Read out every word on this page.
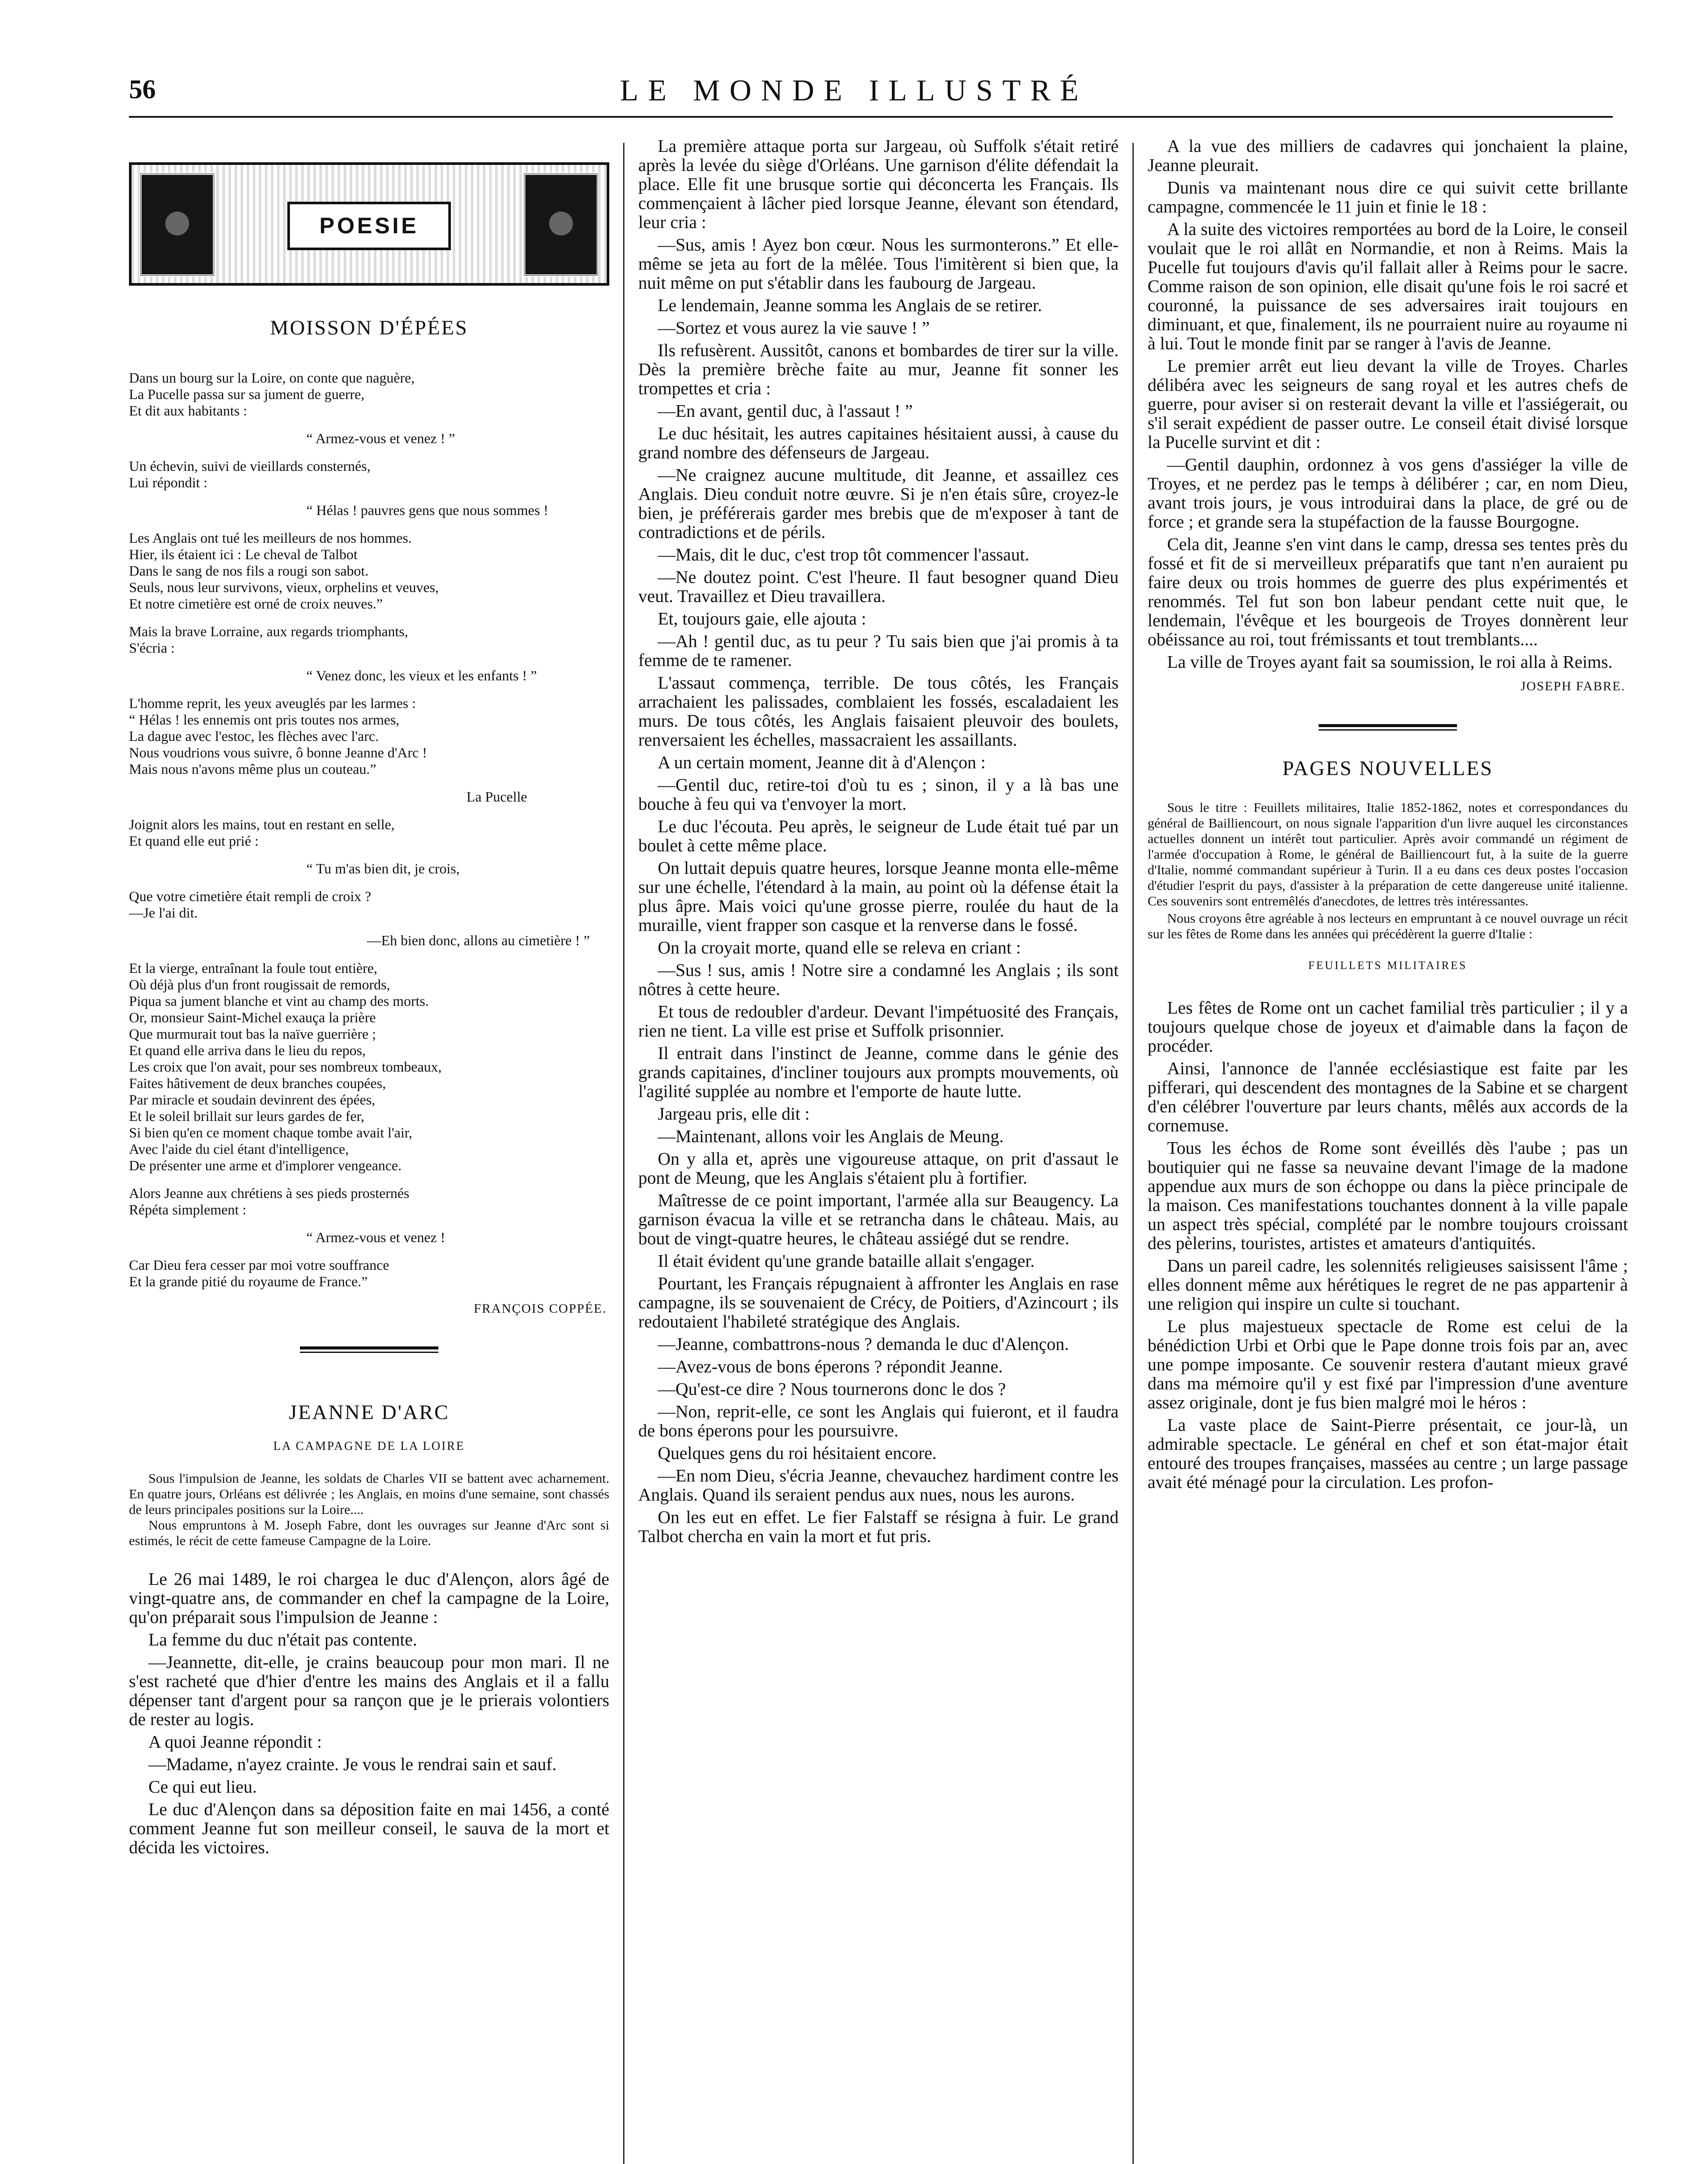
56	LE MONDE ILLUSTRÉ
POESIE
MOISSON D'ÉPÉES

Dans un bourg sur la Loire, on conte que naguère,
La Pucelle passa sur sa jument de guerre,
Et dit aux habitants :

“ Armez-vous et venez ! ”

Un échevin, suivi de vieillards consternés,
Lui répondit :

“ Hélas ! pauvres gens que nous sommes !

Les Anglais ont tué les meilleurs de nos hommes.
Hier, ils étaient ici : Le cheval de Talbot
Dans le sang de nos fils a rougi son sabot.
Seuls, nous leur survivons, vieux, orphelins et veuves,
Et notre cimetière est orné de croix neuves.”

Mais la brave Lorraine, aux regards triomphants,
S'écria :

“ Venez donc, les vieux et les enfants ! ”

L'homme reprit, les yeux aveuglés par les larmes :
“ Hélas ! les ennemis ont pris toutes nos armes,
La dague avec l'estoc, les flèches avec l'arc.
Nous voudrions vous suivre, ô bonne Jeanne d'Arc !
Mais nous n'avons même plus un couteau.”

La Pucelle

Joignit alors les mains, tout en restant en selle,
Et quand elle eut prié :

“ Tu m'as bien dit, je crois,

Que votre cimetière était rempli de croix ?
—Je l'ai dit.

—Eh bien donc, allons au cimetière ! ”

Et la vierge, entraînant la foule tout entière,
Où déjà plus d'un front rougissait de remords,
Piqua sa jument blanche et vint au champ des morts.
Or, monsieur Saint-Michel exauça la prière
Que murmurait tout bas la naïve guerrière ;
Et quand elle arriva dans le lieu du repos,
Les croix que l'on avait, pour ses nombreux tombeaux,
Faites hâtivement de deux branches coupées,
Par miracle et soudain devinrent des épées,
Et le soleil brillait sur leurs gardes de fer,
Si bien qu'en ce moment chaque tombe avait l'air,
Avec l'aide du ciel étant d'intelligence,
De présenter une arme et d'implorer vengeance.

Alors Jeanne aux chrétiens à ses pieds prosternés
Répéta simplement :

“ Armez-vous et venez !

Car Dieu fera cesser par moi votre souffrance
Et la grande pitié du royaume de France.”

FRANÇOIS COPPÉE.
JEANNE D'ARC
LA CAMPAGNE DE LA LOIRE

Sous l'impulsion de Jeanne, les soldats de Charles VII se battent avec acharnement. En quatre jours, Orléans est délivrée ; les Anglais, en moins d'une semaine, sont chassés de leurs principales positions sur la Loire....

Nous empruntons à M. Joseph Fabre, dont les ouvrages sur Jeanne d'Arc sont si estimés, le récit de cette fameuse Campagne de la Loire.

Le 26 mai 1489, le roi chargea le duc d'Alençon, alors âgé de vingt-quatre ans, de commander en chef la campagne de la Loire, qu'on préparait sous l'impulsion de Jeanne :

La femme du duc n'était pas contente.

—Jeannette, dit-elle, je crains beaucoup pour mon mari. Il ne s'est racheté que d'hier d'entre les mains des Anglais et il a fallu dépenser tant d'argent pour sa rançon que je le prierais volontiers de rester au logis.

A quoi Jeanne répondit :

—Madame, n'ayez crainte. Je vous le rendrai sain et sauf.

Ce qui eut lieu.

Le duc d'Alençon dans sa déposition faite en mai 1456, a conté comment Jeanne fut son meilleur conseil, le sauva de la mort et décida les victoires.

La première attaque porta sur Jargeau, où Suffolk s'était retiré après la levée du siège d'Orléans. Une garnison d'élite défendait la place. Elle fit une brusque sortie qui déconcerta les Français. Ils commençaient à lâcher pied lorsque Jeanne, élevant son étendard, leur cria :

—Sus, amis ! Ayez bon cœur. Nous les surmonterons.” Et elle-même se jeta au fort de la mêlée. Tous l'imitèrent si bien que, la nuit même on put s'établir dans les faubourg de Jargeau.

Le lendemain, Jeanne somma les Anglais de se retirer.

—Sortez et vous aurez la vie sauve ! ”

Ils refusèrent. Aussitôt, canons et bombardes de tirer sur la ville. Dès la première brèche faite au mur, Jeanne fit sonner les trompettes et cria :

—En avant, gentil duc, à l'assaut ! ”

Le duc hésitait, les autres capitaines hésitaient aussi, à cause du grand nombre des défenseurs de Jargeau.

—Ne craignez aucune multitude, dit Jeanne, et assaillez ces Anglais. Dieu conduit notre œuvre. Si je n'en étais sûre, croyez-le bien, je préférerais garder mes brebis que de m'exposer à tant de contradictions et de périls.

—Mais, dit le duc, c'est trop tôt commencer l'assaut.

—Ne doutez point. C'est l'heure. Il faut besogner quand Dieu veut. Travaillez et Dieu travaillera.

Et, toujours gaie, elle ajouta :

—Ah ! gentil duc, as tu peur ? Tu sais bien que j'ai promis à ta femme de te ramener.

L'assaut commença, terrible. De tous côtés, les Français arrachaient les palissades, comblaient les fossés, escaladaient les murs. De tous côtés, les Anglais faisaient pleuvoir des boulets, renversaient les échelles, massacraient les assaillants.

A un certain moment, Jeanne dit à d'Alençon :

—Gentil duc, retire-toi d'où tu es ; sinon, il y a là bas une bouche à feu qui va t'envoyer la mort.

Le duc l'écouta. Peu après, le seigneur de Lude était tué par un boulet à cette même place.

On luttait depuis quatre heures, lorsque Jeanne monta elle-même sur une échelle, l'étendard à la main, au point où la défense était la plus âpre. Mais voici qu'une grosse pierre, roulée du haut de la muraille, vient frapper son casque et la renverse dans le fossé.

On la croyait morte, quand elle se releva en criant :

—Sus ! sus, amis ! Notre sire a condamné les Anglais ; ils sont nôtres à cette heure.

Et tous de redoubler d'ardeur. Devant l'impétuosité des Français, rien ne tient. La ville est prise et Suffolk prisonnier.

Il entrait dans l'instinct de Jeanne, comme dans le génie des grands capitaines, d'incliner toujours aux prompts mouvements, où l'agilité supplée au nombre et l'emporte de haute lutte.

Jargeau pris, elle dit :

—Maintenant, allons voir les Anglais de Meung.

On y alla et, après une vigoureuse attaque, on prit d'assaut le pont de Meung, que les Anglais s'étaient plu à fortifier.

Maîtresse de ce point important, l'armée alla sur Beaugency. La garnison évacua la ville et se retrancha dans le château. Mais, au bout de vingt-quatre heures, le château assiégé dut se rendre.

Il était évident qu'une grande bataille allait s'engager.

Pourtant, les Français répugnaient à affronter les Anglais en rase campagne, ils se souvenaient de Crécy, de Poitiers, d'Azincourt ; ils redoutaient l'habileté stratégique des Anglais.

—Jeanne, combattrons-nous ? demanda le duc d'Alençon.

—Avez-vous de bons éperons ? répondit Jeanne.

—Qu'est-ce dire ? Nous tournerons donc le dos ?

—Non, reprit-elle, ce sont les Anglais qui fuieront, et il faudra de bons éperons pour les poursuivre.

Quelques gens du roi hésitaient encore.

—En nom Dieu, s'écria Jeanne, chevauchez hardiment contre les Anglais. Quand ils seraient pendus aux nues, nous les aurons.

On les eut en effet. Le fier Falstaff se résigna à fuir. Le grand Talbot chercha en vain la mort et fut pris.

A la vue des milliers de cadavres qui jonchaient la plaine, Jeanne pleurait.

Dunis va maintenant nous dire ce qui suivit cette brillante campagne, commencée le 11 juin et finie le 18 :

A la suite des victoires remportées au bord de la Loire, le conseil voulait que le roi allât en Normandie, et non à Reims. Mais la Pucelle fut toujours d'avis qu'il fallait aller à Reims pour le sacre. Comme raison de son opinion, elle disait qu'une fois le roi sacré et couronné, la puissance de ses adversaires irait toujours en diminuant, et que, finalement, ils ne pourraient nuire au royaume ni à lui. Tout le monde finit par se ranger à l'avis de Jeanne.

Le premier arrêt eut lieu devant la ville de Troyes. Charles délibéra avec les seigneurs de sang royal et les autres chefs de guerre, pour aviser si on resterait devant la ville et l'assiégerait, ou s'il serait expédient de passer outre. Le conseil était divisé lorsque la Pucelle survint et dit :

—Gentil dauphin, ordonnez à vos gens d'assiéger la ville de Troyes, et ne perdez pas le temps à délibérer ; car, en nom Dieu, avant trois jours, je vous introduirai dans la place, de gré ou de force ; et grande sera la stupéfaction de la fausse Bourgogne.

Cela dit, Jeanne s'en vint dans le camp, dressa ses tentes près du fossé et fit de si merveilleux préparatifs que tant n'en auraient pu faire deux ou trois hommes de guerre des plus expérimentés et renommés. Tel fut son bon labeur pendant cette nuit que, le lendemain, l'évêque et les bourgeois de Troyes donnèrent leur obéissance au roi, tout frémissants et tout tremblants....

La ville de Troyes ayant fait sa soumission, le roi alla à Reims.

JOSEPH FABRE.
PAGES NOUVELLES

Sous le titre : Feuillets militaires, Italie 1852-1862, notes et correspondances du général de Bailliencourt, on nous signale l'apparition d'un livre auquel les circonstances actuelles donnent un intérêt tout particulier. Après avoir commandé un régiment de l'armée d'occupation à Rome, le général de Bailliencourt fut, à la suite de la guerre d'Italie, nommé commandant supérieur à Turin. Il a eu dans ces deux postes l'occasion d'étudier l'esprit du pays, d'assister à la préparation de cette dangereuse unité italienne. Ces souvenirs sont entremêlés d'anecdotes, de lettres très intéressantes.

Nous croyons être agréable à nos lecteurs en empruntant à ce nouvel ouvrage un récit sur les fêtes de Rome dans les années qui précédèrent la guerre d'Italie :

FEUILLETS MILITAIRES

Les fêtes de Rome ont un cachet familial très particulier ; il y a toujours quelque chose de joyeux et d'aimable dans la façon de procéder.

Ainsi, l'annonce de l'année ecclésiastique est faite par les pifferari, qui descendent des montagnes de la Sabine et se chargent d'en célébrer l'ouverture par leurs chants, mêlés aux accords de la cornemuse.

Tous les échos de Rome sont éveillés dès l'aube ; pas un boutiquier qui ne fasse sa neuvaine devant l'image de la madone appendue aux murs de son échoppe ou dans la pièce principale de la maison. Ces manifestations touchantes donnent à la ville papale un aspect très spécial, complété par le nombre toujours croissant des pèlerins, touristes, artistes et amateurs d'antiquités.

Dans un pareil cadre, les solennités religieuses saisissent l'âme ; elles donnent même aux hérétiques le regret de ne pas appartenir à une religion qui inspire un culte si touchant.

Le plus majestueux spectacle de Rome est celui de la bénédiction Urbi et Orbi que le Pape donne trois fois par an, avec une pompe imposante. Ce souvenir restera d'autant mieux gravé dans ma mémoire qu'il y est fixé par l'impression d'une aventure assez originale, dont je fus bien malgré moi le héros :

La vaste place de Saint-Pierre présentait, ce jour-là, un admirable spectacle. Le général en chef et son état-major était entouré des troupes françaises, massées au centre ; un large passage avait été ménagé pour la circulation. Les profon-
